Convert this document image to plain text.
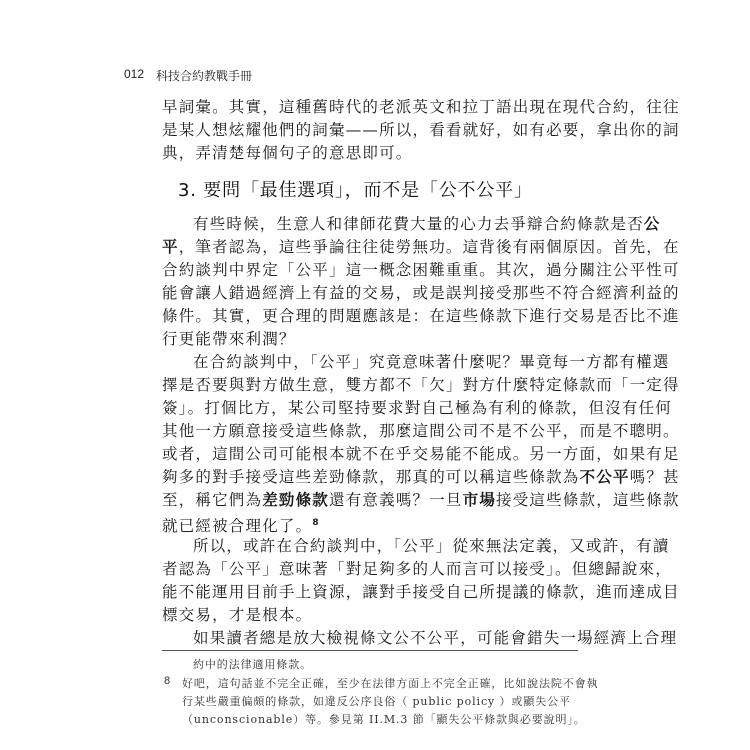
012 科技合約教戰手冊
早詞彙。其實，這種舊時代的老派英文和拉丁語出現在現代合約，往往
是某人想炫耀他們的詞彙——所以，看看就好，如有必要，拿出你的詞
典，弄清楚每個句子的意思即可。
3. 要問「最佳選項」，而不是「公不公平」
有些時候，生意人和律師花費大量的心力去爭辯合約條款是否公
平，筆者認為，這些爭論往往徒勞無功。這背後有兩個原因。首先，在
合約談判中界定「公平」這一概念困難重重。其次，過分關注公平性可
能會讓人錯過經濟上有益的交易，或是誤判接受那些不符合經濟利益的
條件。其實，更合理的問題應該是：在這些條款下進行交易是否比不進
行更能帶來利潤？
在合約談判中，「公平」究竟意味著什麼呢？畢竟每一方都有權選
擇是否要與對方做生意，雙方都不「欠」對方什麼特定條款而「一定得
簽」。打個比方，某公司堅持要求對自己極為有利的條款，但沒有任何
其他一方願意接受這些條款，那麼這間公司不是不公平，而是不聰明。
或者，這間公司可能根本就不在乎交易能不能成。另一方面，如果有足
夠多的對手接受這些差勁條款，那真的可以稱這些條款為不公平嗎？甚
至，稱它們為差勁條款還有意義嗎？一旦市場接受這些條款，這些條款
就已經被合理化了。$^8$
所以，或許在合約談判中，「公平」從來無法定義，又或許，有讀
者認為「公平」意味著「對足夠多的人而言可以接受」。但總歸說來，
能不能運用目前手上資源，讓對手接受自己所提議的條款，進而達成目
標交易，才是根本。
如果讀者總是放大檢視條文公不公平，可能會錯失一場經濟上合理
約中的法律適用條款。
8 好吧，這句話並不完全正確，至少在法律方面上不完全正確，比如說法院不會執
行某些嚴重偏頗的條款，如違反公序良俗（ public policy ）或顯失公平
（unconscionable）等。參見第 II.M.3 節「顯失公平條款與必要說明」。
